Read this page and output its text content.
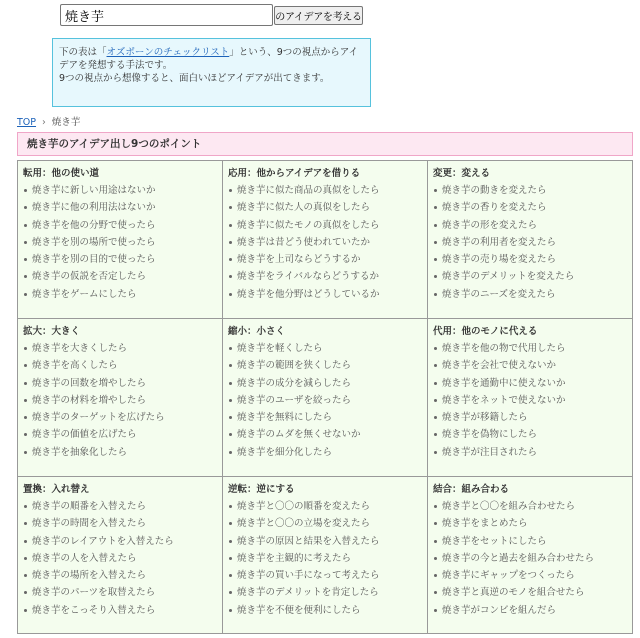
焼き芋
のアイデアを考える

下の表は「オズボーンのチェックリスト」という、9つの視点からアイデアを発想する手法です。

9つの視点から想像すると、面白いほどアイデアが出てきます。

TOP › 焼き芋
焼き芋のアイデア出し9つのポイント
転用：他の使い道
焼き芋に新しい用途はないか
焼き芋に他の利用法はないか
焼き芋を他の分野で使ったら
焼き芋を別の場所で使ったら
焼き芋を別の目的で使ったら
焼き芋の仮説を否定したら
焼き芋をゲームにしたら
応用：他からアイデアを借りる
焼き芋に似た商品の真似をしたら
焼き芋に似た人の真似をしたら
焼き芋に似たモノの真似をしたら
焼き芋は昔どう使われていたか
焼き芋を上司ならどうするか
焼き芋をライバルならどうするか
焼き芋を他分野はどうしているか
変更：変える
焼き芋の動きを変えたら
焼き芋の香りを変えたら
焼き芋の形を変えたら
焼き芋の利用者を変えたら
焼き芋の売り場を変えたら
焼き芋のデメリットを変えたら
焼き芋のニーズを変えたら
拡大：大きく
焼き芋を大きくしたら
焼き芋を高くしたら
焼き芋の回数を増やしたら
焼き芋の材料を増やしたら
焼き芋のターゲットを広げたら
焼き芋の価値を広げたら
焼き芋を抽象化したら
縮小：小さく
焼き芋を軽くしたら
焼き芋の範囲を狭くしたら
焼き芋の成分を減らしたら
焼き芋のユーザを絞ったら
焼き芋を無料にしたら
焼き芋のムダを無くせないか
焼き芋を細分化したら
代用：他のモノに代える
焼き芋を他の物で代用したら
焼き芋を会社で使えないか
焼き芋を通勤中に使えないか
焼き芋をネットで使えないか
焼き芋が移籍したら
焼き芋を偽物にしたら
焼き芋が注目されたら
置換：入れ替え
焼き芋の順番を入替えたら
焼き芋の時間を入替えたら
焼き芋のレイアウトを入替えたら
焼き芋の人を入替えたら
焼き芋の場所を入替えたら
焼き芋のパーツを取替えたら
焼き芋をこっそり入替えたら
逆転：逆にする
焼き芋と〇〇の順番を変えたら
焼き芋と〇〇の立場を変えたら
焼き芋の原因と結果を入替えたら
焼き芋を主観的に考えたら
焼き芋の買い手になって考えたら
焼き芋のデメリットを肯定したら
焼き芋を不便を便利にしたら
結合：組み合わる
焼き芋と〇〇を組み合わせたら
焼き芋をまとめたら
焼き芋をセットにしたら
焼き芋の今と過去を組み合わせたら
焼き芋にギャップをつくったら
焼き芋と真逆のモノを組合せたら
焼き芋がコンビを組んだら
